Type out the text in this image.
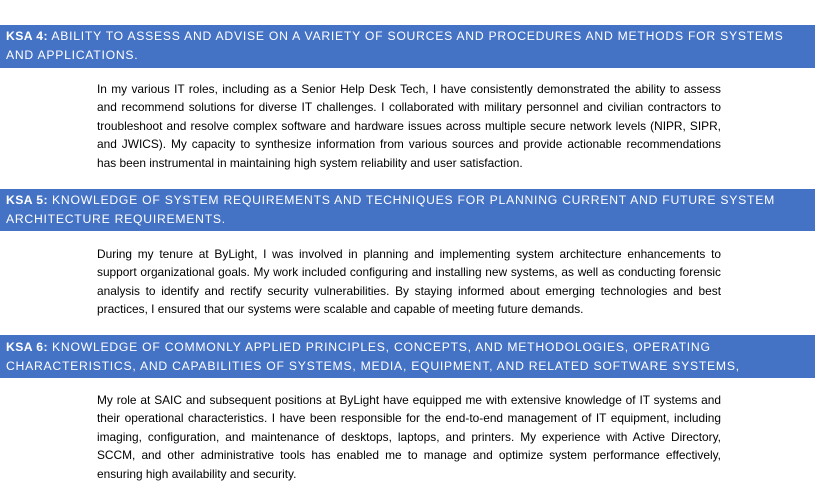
KSA 4: ABILITY TO ASSESS AND ADVISE ON A VARIETY OF SOURCES AND PROCEDURES AND METHODS FOR SYSTEMS AND APPLICATIONS.
In my various IT roles, including as a Senior Help Desk Tech, I have consistently demonstrated the ability to assess and recommend solutions for diverse IT challenges. I collaborated with military personnel and civilian contractors to troubleshoot and resolve complex software and hardware issues across multiple secure network levels (NIPR, SIPR, and JWICS). My capacity to synthesize information from various sources and provide actionable recommendations has been instrumental in maintaining high system reliability and user satisfaction.
KSA 5: KNOWLEDGE OF SYSTEM REQUIREMENTS AND TECHNIQUES FOR PLANNING CURRENT AND FUTURE SYSTEM ARCHITECTURE REQUIREMENTS.
During my tenure at ByLight, I was involved in planning and implementing system architecture enhancements to support organizational goals. My work included configuring and installing new systems, as well as conducting forensic analysis to identify and rectify security vulnerabilities. By staying informed about emerging technologies and best practices, I ensured that our systems were scalable and capable of meeting future demands.
KSA 6: KNOWLEDGE OF COMMONLY APPLIED PRINCIPLES, CONCEPTS, AND METHODOLOGIES, OPERATING CHARACTERISTICS, AND CAPABILITIES OF SYSTEMS, MEDIA, EQUIPMENT, AND RELATED SOFTWARE SYSTEMS, PROCESSES, AND PROCEDURES.
My role at SAIC and subsequent positions at ByLight have equipped me with extensive knowledge of IT systems and their operational characteristics. I have been responsible for the end-to-end management of IT equipment, including imaging, configuration, and maintenance of desktops, laptops, and printers. My experience with Active Directory, SCCM, and other administrative tools has enabled me to manage and optimize system performance effectively, ensuring high availability and security.
